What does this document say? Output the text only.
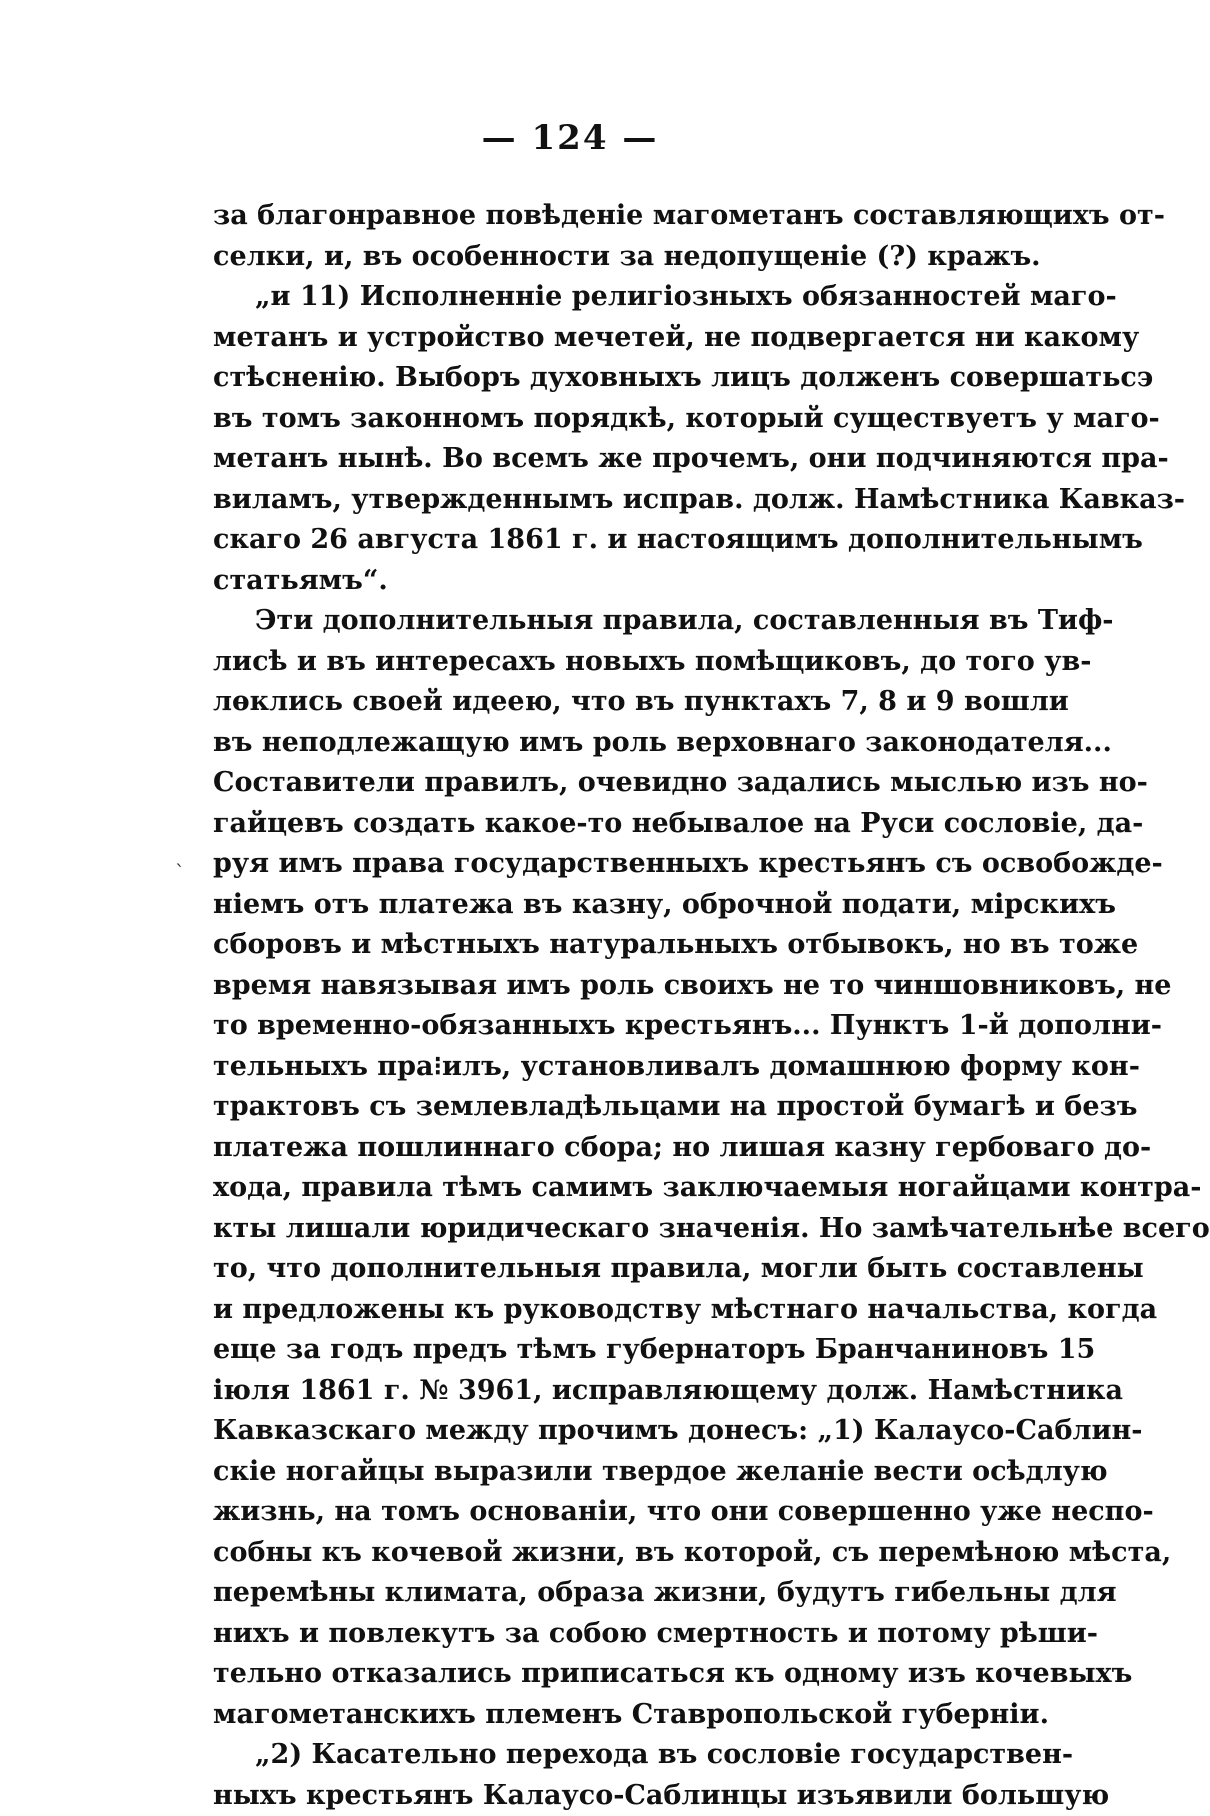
— 124 —
ˋ
за благонравное повѣденіе магометанъ составляющихъ от-
селки, и, въ особенности за недопущеніе (?) кражъ.
„и 11) Исполненніе религіозныхъ обязанностей маго-
метанъ и устройство мечетей, не подвергается ни какому
стѣсненію. Выборъ духовныхъ лицъ долженъ совершатьсэ
въ томъ законномъ порядкѣ, который существуетъ у маго-
метанъ нынѣ. Во всемъ же прочемъ, они подчиняются пра-
виламъ, утвержденнымъ исправ. долж. Намѣстника Кавказ-
скаго 26 августа 1861 г. и настоящимъ дополнительнымъ
статьямъ“.
Эти дополнительныя правила, составленныя въ Тиф-
лисѣ и въ интересахъ новыхъ помѣщиковъ, до того ув-
лѳклись своей идеею, что въ пунктахъ 7, 8 и 9 вошли
въ неподлежащую имъ роль верховнаго законодателя...
Составители правилъ, очевидно задались мыслью изъ но-
гайцевъ создать какое-то небывалое на Руси сословіе, да-
руя имъ права государственныхъ крестьянъ съ освобожде-
ніемъ отъ платежа въ казну, оброчной подати, мірскихъ
сборовъ и мѣстныхъ натуральныхъ отбывокъ, но въ тоже
время навязывая имъ роль своихъ не то чиншовниковъ, не
то временно-обязанныхъ крестьянъ... Пунктъ 1-й дополни-
тельныхъ пра⁝илъ, установливалъ домашнюю форму кон-
трактовъ съ землевладѣльцами на простой бумагѣ и безъ
платежа пошлиннаго сбора; но лишая казну гербоваго до-
хода, правила тѣмъ самимъ заключаемыя ногайцами контра-
кты лишали юридическаго значенія. Но замѣчательнѣе всего
то, что дополнительныя правила, могли быть составлены
и предложены къ руководству мѣстнаго начальства, когда
еще за годъ предъ тѣмъ губернаторъ Бранчаниновъ 15
іюля 1861 г. № 3961, исправляющему долж. Намѣстника
Кавказскаго между прочимъ донесъ: „1) Калаусо-Саблин-
скіе ногайцы выразили твердое желаніе вести осѣдлую
жизнь, на томъ основаніи, что они совершенно уже неспо-
собны къ кочевой жизни, въ которой, съ перемѣною мѣста,
перемѣны климата, образа жизни, будутъ гибельны для
нихъ и повлекутъ за собою смертность и потому рѣши-
тельно отказались приписаться къ одному изъ кочевыхъ
магометанскихъ племенъ Ставропольской губерніи.
„2) Касательно перехода въ сословіе государствен-
ныхъ крестьянъ Калаусо-Саблинцы изъявили большую
